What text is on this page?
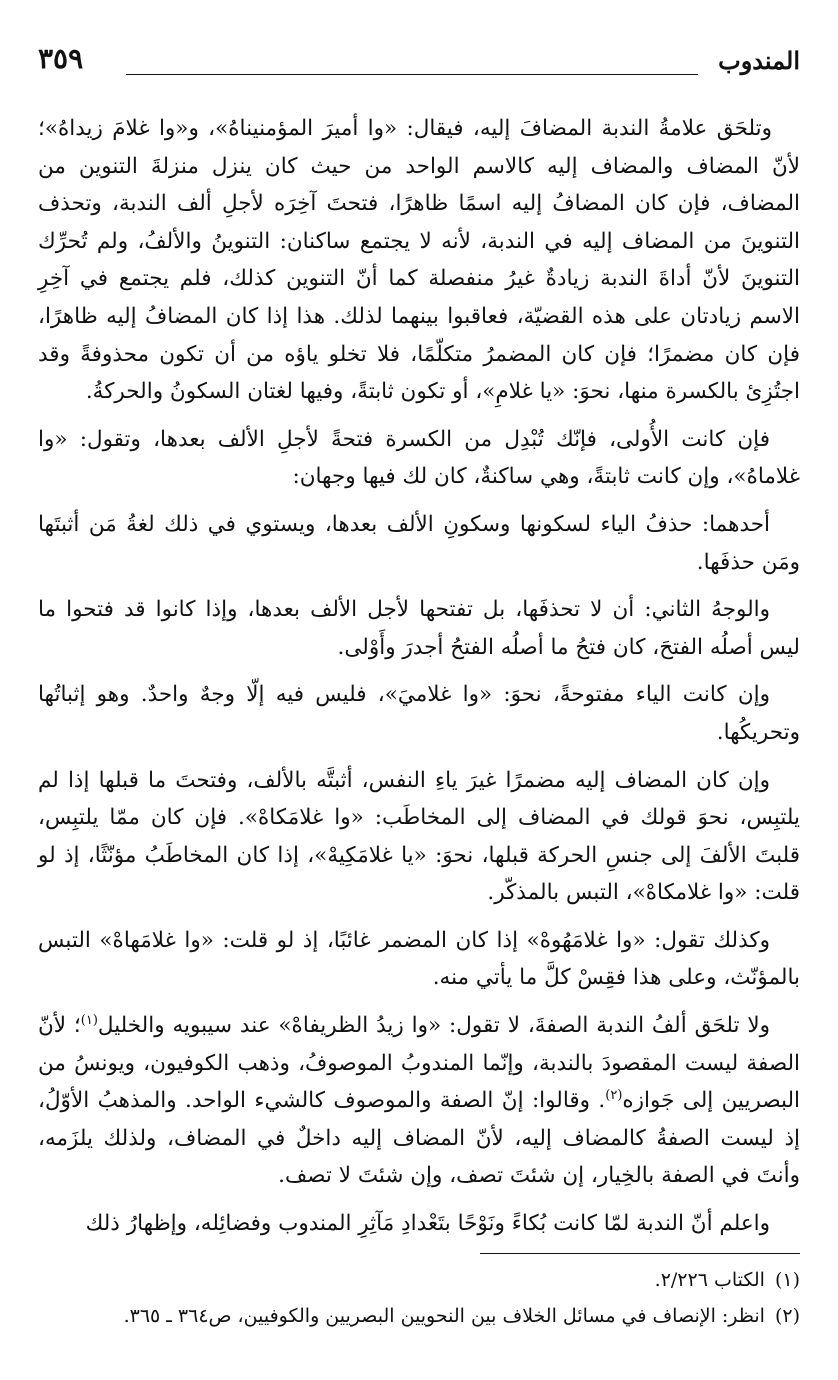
المندوب
٣٥٩

وتلحَق علامةُ الندبة المضافَ إليه، فيقال: «وا أميرَ المؤمنيناهُ»، و«وا غلامَ زيداهُ»؛ لأنّ المضاف والمضاف إليه كالاسم الواحد من حيث كان ينزل منزلةَ التنوين من المضاف، فإن كان المضافُ إليه اسمًا ظاهرًا، فتحتَ آخِرَه لأجلِ ألف الندبة، وتحذف التنوينَ من المضاف إليه في الندبة، لأنه لا يجتمع ساكنان: التنوينُ والألفُ، ولم تُحرِّك التنوينَ لأنّ أداةَ الندبة زيادةٌ غيرُ منفصلة كما أنّ التنوين كذلك، فلم يجتمع في آخِرِ الاسم زيادتان على هذه القضيّة، فعاقبوا بينهما لذلك. هذا إذا كان المضافُ إليه ظاهرًا، فإن كان مضمرًا؛ فإن كان المضمرُ متكلّمًا، فلا تخلو ياؤه من أن تكون محذوفةً وقد اجتُزِئ بالكسرة منها، نحوَ: «يا غلامِ»، أو تكون ثابتةً، وفيها لغتان السكونُ والحركةُ.

فإن كانت الأُولى، فإنّك تُبْدِل من الكسرة فتحةً لأجلِ الألف بعدها، وتقول: «وا غلاماهُ»، وإن كانت ثابتةً، وهي ساكنةٌ، كان لك فيها وجهان:

أحدهما: حذفُ الياء لسكونها وسكونِ الألف بعدها، ويستوي في ذلك لغةُ مَن أثبتَها ومَن حذفَها.

والوجهُ الثاني: أن لا تحذفَها، بل تفتحها لأجل الألف بعدها، وإذا كانوا قد فتحوا ما ليس أصلُه الفتحَ، كان فتحُ ما أصلُه الفتحُ أجدرَ وأَوْلى.

وإن كانت الياء مفتوحةً، نحوَ: «وا غلاميَ»، فليس فيه إلّا وجهٌ واحدٌ. وهو إثباتُها وتحريكُها.

وإن كان المضاف إليه مضمرًا غيرَ ياءِ النفس، أثبتَّه بالألف، وفتحتَ ما قبلها إذا لم يلتبِس، نحوَ قولك في المضاف إلى المخاطَب: «وا غلامَكاهْ». فإن كان ممّا يلتبِس، قلبتَ الألفَ إلى جنسِ الحركة قبلها، نحوَ: «يا غلامَكِيهْ»، إذا كان المخاطَبُ مؤنّثًا، إذ لو قلت: «وا غلامكاهْ»، التبس بالمذكّر.

وكذلك تقول: «وا غلامَهُوهْ» إذا كان المضمر غائبًا، إذ لو قلت: «وا غلامَهاهْ» التبس بالمؤنّث، وعلى هذا فقِسْ كلَّ ما يأتي منه.

ولا تلحَق ألفُ الندبة الصفةَ، لا تقول: «وا زيدُ الظريفاهْ» عند سيبويه والخليل$^{(١)}$؛ لأنّ الصفة ليست المقصودَ بالندبة، وإنّما المندوبُ الموصوفُ، وذهب الكوفيون، ويونسُ من البصريين إلى جَوازه$^{(٢)}$. وقالوا: إنّ الصفة والموصوف كالشيء الواحد. والمذهبُ الأوّلُ، إذ ليست الصفةُ كالمضاف إليه، لأنّ المضاف إليه داخلٌ في المضاف، ولذلك يلزَمه، وأنتَ في الصفة بالخِيار، إن شئتَ تصف، وإن شئتَ لا تصف.

واعلم أنّ الندبة لمّا كانت بُكاءً ونَوْحًا بتَعْدادِ مَآثِرِ المندوب وفضائِله، وإظهارُ ذلك

(١)الكتاب ٢/٢٢٦.
(٢)انظر: الإنصاف في مسائل الخلاف بين النحويين البصريين والكوفيين، ص٣٦٤ ـ ٣٦٥.
